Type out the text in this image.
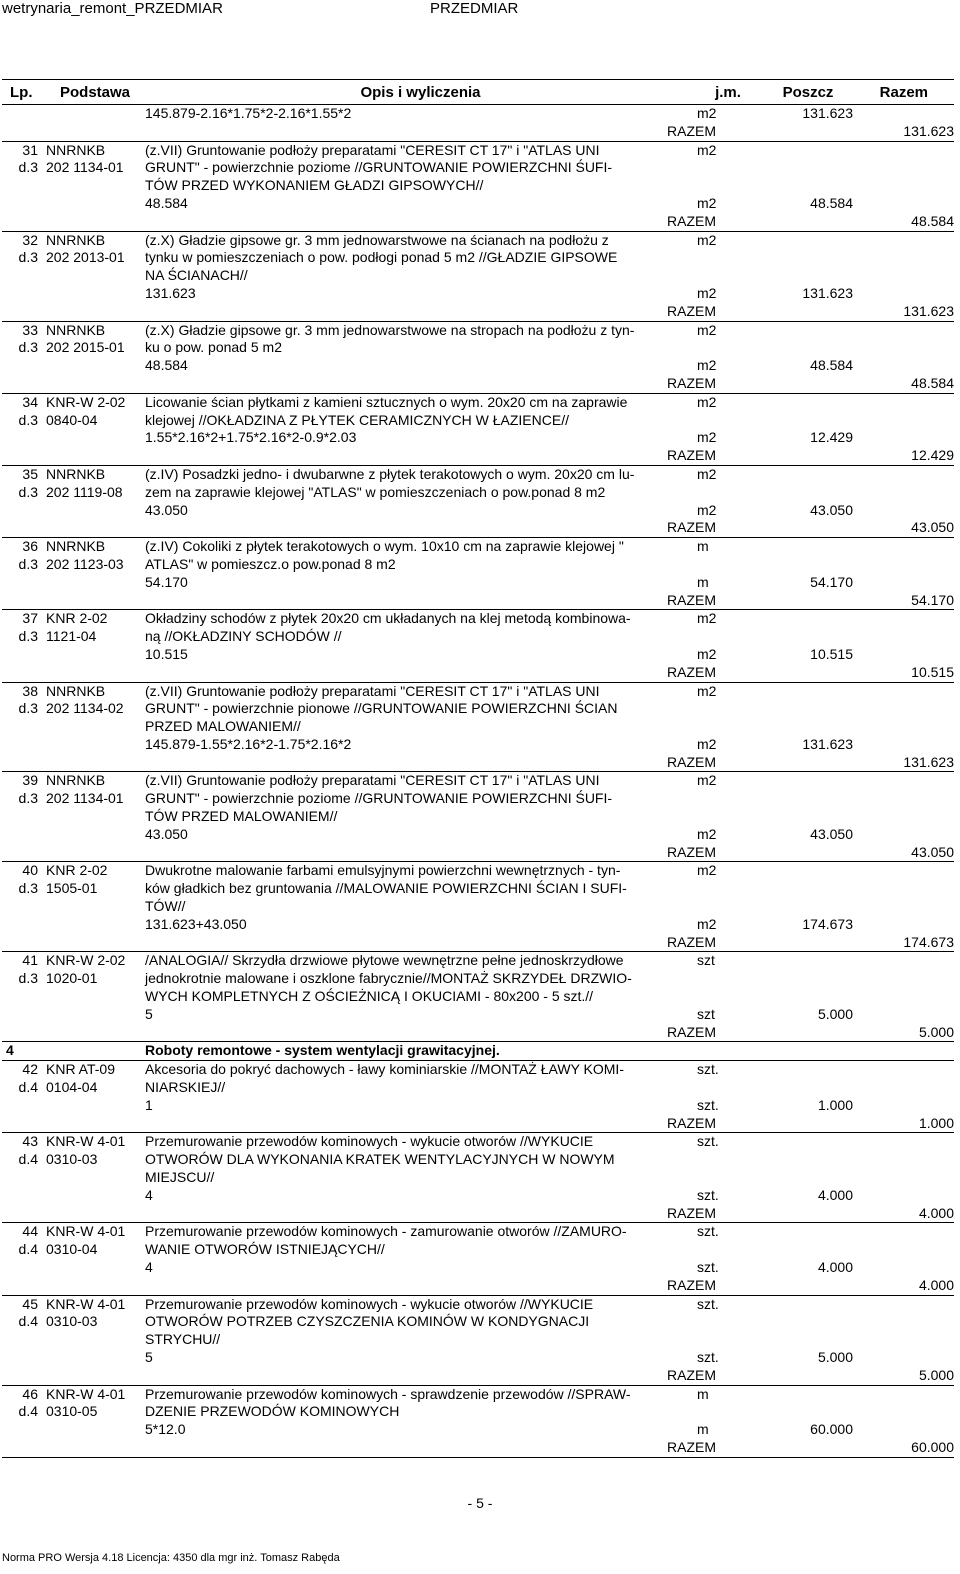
wetrynaria_remont_PRZEDMIAR	PRZEDMIAR
Lp.	Podstawa	Opis i wyliczenia	j.m.	Poszcz	Razem
145.879-2.16*1.75*2-2.16*1.55*2	m2	131.623
RAZEM	131.623
31 NNRNKB	(z.VII) Gruntowanie podłoży preparatami "CERESIT CT 17" i "ATLAS UNI	m2
d.3 202 1134-01	GRUNT" - powierzchnie poziome //GRUNTOWANIE POWIERZCHNI ŚUFI-
TÓW PRZED WYKONANIEM GŁADZI GIPSOWYCH//
48.584	m2	48.584
RAZEM	48.584
32 NNRNKB	(z.X) Gładzie gipsowe gr. 3 mm jednowarstwowe na ścianach na podłożu z	m2
d.3 202 2013-01	tynku w pomieszczeniach o pow. podłogi ponad 5 m2 //GŁADZIE GIPSOWE
NA ŚCIANACH//
131.623	m2	131.623
RAZEM	131.623
33 NNRNKB	(z.X) Gładzie gipsowe gr. 3 mm jednowarstwowe na stropach na podłożu z tyn-	m2
d.3 202 2015-01	ku o pow. ponad 5 m2
48.584	m2	48.584
RAZEM	48.584
34 KNR-W 2-02	Licowanie ścian płytkami z kamieni sztucznych o wym. 20x20 cm na zaprawie	m2
d.3 0840-04	klejowej //OKŁADZINA Z PŁYTEK CERAMICZNYCH W ŁAZIENCE//
1.55*2.16*2+1.75*2.16*2-0.9*2.03	m2	12.429
RAZEM	12.429
35 NNRNKB	(z.IV) Posadzki jedno- i dwubarwne z płytek terakotowych o wym. 20x20 cm lu-	m2
d.3 202 1119-08	zem na zaprawie klejowej "ATLAS" w pomieszczeniach o pow.ponad 8 m2
43.050	m2	43.050
RAZEM	43.050
36 NNRNKB	(z.IV) Cokoliki z płytek terakotowych o wym. 10x10 cm na zaprawie klejowej "	m
d.3 202 1123-03	ATLAS" w pomieszcz.o pow.ponad 8 m2
54.170	m	54.170
RAZEM	54.170
37 KNR 2-02	Okładziny schodów z płytek 20x20 cm układanych na klej metodą kombinowa-	m2
d.3 1121-04	ną //OKŁADZINY SCHODÓW //
10.515	m2	10.515
RAZEM	10.515
38 NNRNKB	(z.VII) Gruntowanie podłoży preparatami "CERESIT CT 17" i "ATLAS UNI	m2
d.3 202 1134-02	GRUNT" - powierzchnie pionowe //GRUNTOWANIE POWIERZCHNI ŚCIAN
PRZED MALOWANIEM//
145.879-1.55*2.16*2-1.75*2.16*2	m2	131.623
RAZEM	131.623
39 NNRNKB	(z.VII) Gruntowanie podłoży preparatami "CERESIT CT 17" i "ATLAS UNI	m2
d.3 202 1134-01	GRUNT" - powierzchnie poziome //GRUNTOWANIE POWIERZCHNI ŚUFI-
TÓW PRZED MALOWANIEM//
43.050	m2	43.050
RAZEM	43.050
40 KNR 2-02	Dwukrotne malowanie farbami emulsyjnymi powierzchni wewnętrznych - tyn-	m2
d.3 1505-01	ków gładkich bez gruntowania //MALOWANIE POWIERZCHNI ŚCIAN I SUFI-
TÓW//
131.623+43.050	m2	174.673
RAZEM	174.673
41 KNR-W 2-02	/ANALOGIA// Skrzydła drzwiowe płytowe wewnętrzne pełne jednoskrzydłowe	szt
d.3 1020-01	jednokrotnie malowane i oszklone fabrycznie//MONTAŻ SKRZYDEŁ DRZWIO-
WYCH KOMPLETNYCH Z OŚCIEŻNICĄ I OKUCIAMI - 80x200 - 5 szt.//
5	szt	5.000
RAZEM	5.000
4	Roboty remontowe - system wentylacji grawitacyjnej.
42 KNR AT-09	Akcesoria do pokryć dachowych - ławy kominiarskie //MONTAŻ ŁAWY KOMI-	szt.
d.4 0104-04	NIARSKIEJ//
1	szt.	1.000
RAZEM	1.000
43 KNR-W 4-01	Przemurowanie przewodów kominowych - wykucie otworów //WYKUCIE	szt.
d.4 0310-03	OTWORÓW DLA WYKONANIA KRATEK WENTYLACYJNYCH W NOWYM
MIEJSCU//
4	szt.	4.000
RAZEM	4.000
44 KNR-W 4-01	Przemurowanie przewodów kominowych - zamurowanie otworów //ZAMURO-	szt.
d.4 0310-04	WANIE OTWORÓW ISTNIEJĄCYCH//
4	szt.	4.000
RAZEM	4.000
45 KNR-W 4-01	Przemurowanie przewodów kominowych - wykucie otworów //WYKUCIE	szt.
d.4 0310-03	OTWORÓW POTRZEB CZYSZCZENIA KOMINÓW W KONDYGNACJI
STRYCHU//
5	szt.	5.000
RAZEM	5.000
46 KNR-W 4-01	Przemurowanie przewodów kominowych - sprawdzenie przewodów //SPRAW-	m
d.4 0310-05	DZENIE PRZEWODÓW KOMINOWYCH
5*12.0	m	60.000
RAZEM	60.000
- 5 -
Norma PRO Wersja 4.18 Licencja: 4350 dla mgr inż. Tomasz Rabęda
